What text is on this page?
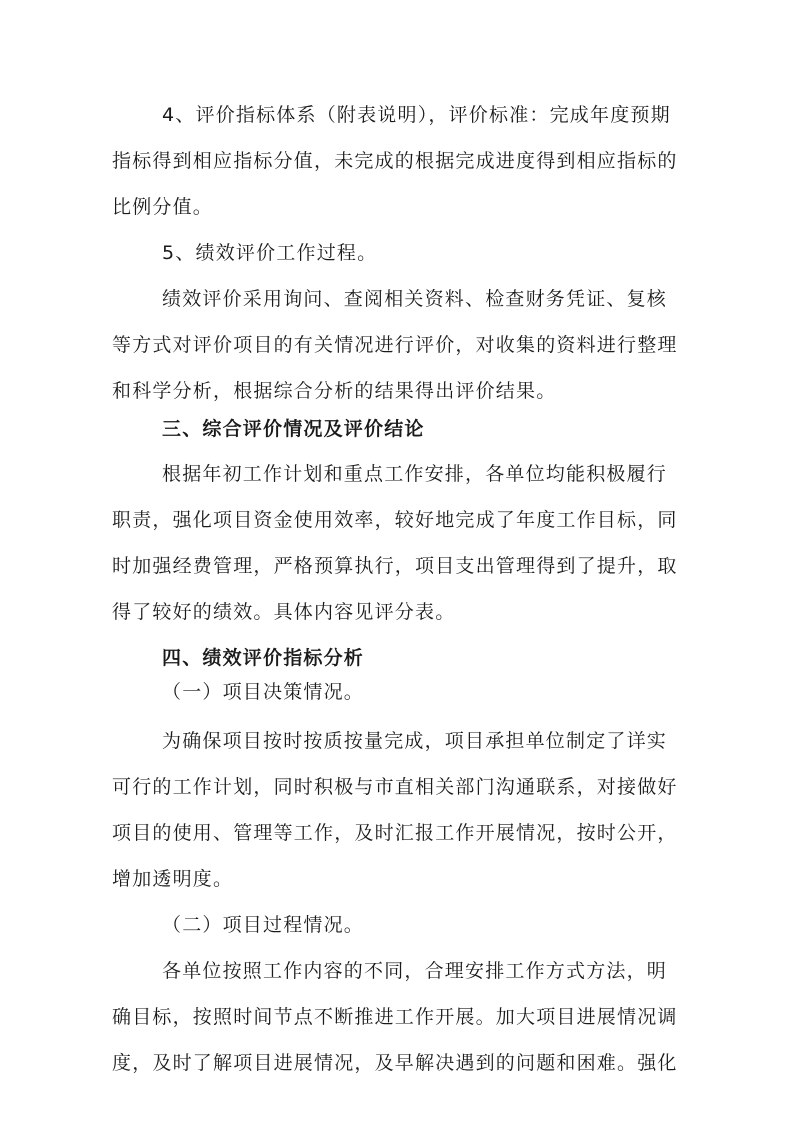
4、评价指标体系（附表说明），评价标准：完成年度预期

指标得到相应指标分值，未完成的根据完成进度得到相应指标的

比例分值。

5、绩效评价工作过程。

绩效评价采用询问、查阅相关资料、检查财务凭证、复核

等方式对评价项目的有关情况进行评价，对收集的资料进行整理

和科学分析，根据综合分析的结果得出评价结果。

三、综合评价情况及评价结论

根据年初工作计划和重点工作安排，各单位均能积极履行

职责，强化项目资金使用效率，较好地完成了年度工作目标，同

时加强经费管理，严格预算执行，项目支出管理得到了提升，取

得了较好的绩效。具体内容见评分表。

四、绩效评价指标分析

（一）项目决策情况。

为确保项目按时按质按量完成，项目承担单位制定了详实

可行的工作计划，同时积极与市直相关部门沟通联系，对接做好

项目的使用、管理等工作，及时汇报工作开展情况，按时公开，

增加透明度。

（二）项目过程情况。

各单位按照工作内容的不同，合理安排工作方式方法，明

确目标，按照时间节点不断推进工作开展。加大项目进展情况调

度，及时了解项目进展情况，及早解决遇到的问题和困难。强化
